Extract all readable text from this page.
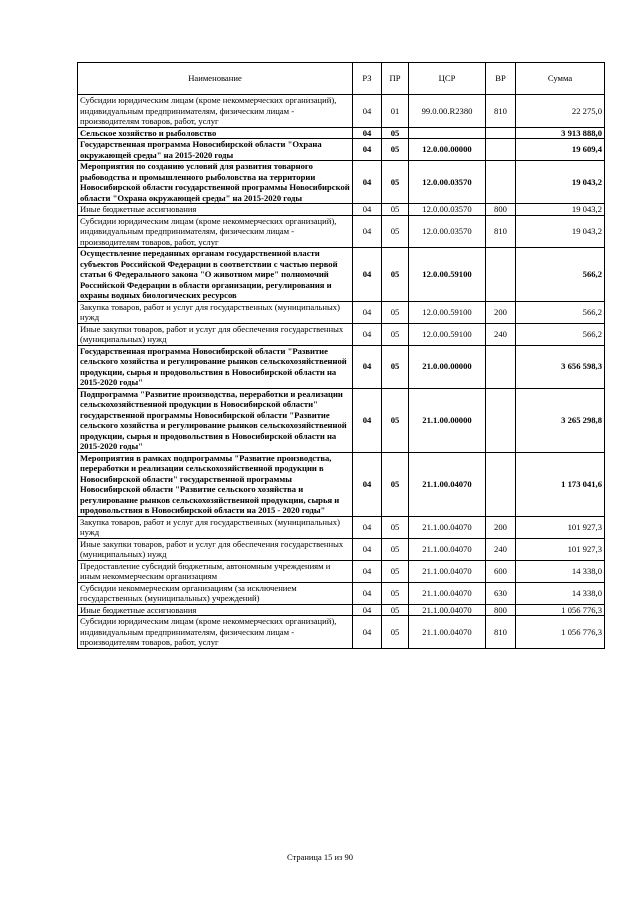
Наименование	РЗ	ПР	ЦСР	ВР	Сумма
Субсидии юридическим лицам (кроме некоммерческих организаций), индивидуальным предпринимателям, физическим лицам - производителям товаров, работ, услуг	04	01	99.0.00.R2380	810	22 275,0
Сельское хозяйство и рыболовство	04	05			3 913 888,0
Государственная программа Новосибирской области "Охрана окружающей среды" на 2015-2020 годы	04	05	12.0.00.00000		19 609,4
Мероприятия по созданию условий для развития товарного рыбоводства и промышленного рыболовства на территории Новосибирской области государственной программы Новосибирской области "Охрана окружающей среды" на 2015-2020 годы	04	05	12.0.00.03570		19 043,2
Иные бюджетные ассигнования	04	05	12.0.00.03570	800	19 043,2
Субсидии юридическим лицам (кроме некоммерческих организаций), индивидуальным предпринимателям, физическим лицам - производителям товаров, работ, услуг	04	05	12.0.00.03570	810	19 043,2
Осуществление переданных органам государственной власти субъектов Российской Федерации в соответствии с частью первой статьи 6 Федерального закона "О животном мире" полномочий Российской Федерации в области организации, регулирования и охраны водных биологических ресурсов	04	05	12.0.00.59100		566,2
Закупка товаров, работ и услуг для государственных (муниципальных) нужд	04	05	12.0.00.59100	200	566,2
Иные закупки товаров, работ и услуг для обеспечения государственных (муниципальных) нужд	04	05	12.0.00.59100	240	566,2
Государственная программа Новосибирской области "Развитие сельского хозяйства и регулирование рынков сельскохозяйственной продукции, сырья и продовольствия в Новосибирской области на 2015-2020 годы"	04	05	21.0.00.00000		3 656 598,3
Подпрограмма "Развитие производства, переработки и реализации сельскохозяйственной продукции в Новосибирской области" государственной программы Новосибирской области "Развитие сельского хозяйства и регулирование рынков сельскохозяйственной продукции, сырья и продовольствия в Новосибирской области на 2015-2020 годы"	04	05	21.1.00.00000		3 265 298,8
Мероприятия в рамках подпрограммы "Развитие производства, переработки и реализации сельскохозяйственной продукции в Новосибирской области" государственной программы Новосибирской области "Развитие сельского хозяйства и регулирование рынков сельскохозяйственной продукции, сырья и продовольствия в Новосибирской области на 2015 - 2020 годы"	04	05	21.1.00.04070		1 173 041,6
Закупка товаров, работ и услуг для государственных (муниципальных) нужд	04	05	21.1.00.04070	200	101 927,3
Иные закупки товаров, работ и услуг для обеспечения государственных (муниципальных) нужд	04	05	21.1.00.04070	240	101 927,3
Предоставление субсидий бюджетным, автономным учреждениям и иным некоммерческим организациям	04	05	21.1.00.04070	600	14 338,0
Субсидии некоммерческим организациям (за исключением государственных (муниципальных) учреждений)	04	05	21.1.00.04070	630	14 338,0
Иные бюджетные ассигнования	04	05	21.1.00.04070	800	1 056 776,3
Субсидии юридическим лицам (кроме некоммерческих организаций), индивидуальным предпринимателям, физическим лицам - производителям товаров, работ, услуг	04	05	21.1.00.04070	810	1 056 776,3
Страница 15 из 90
